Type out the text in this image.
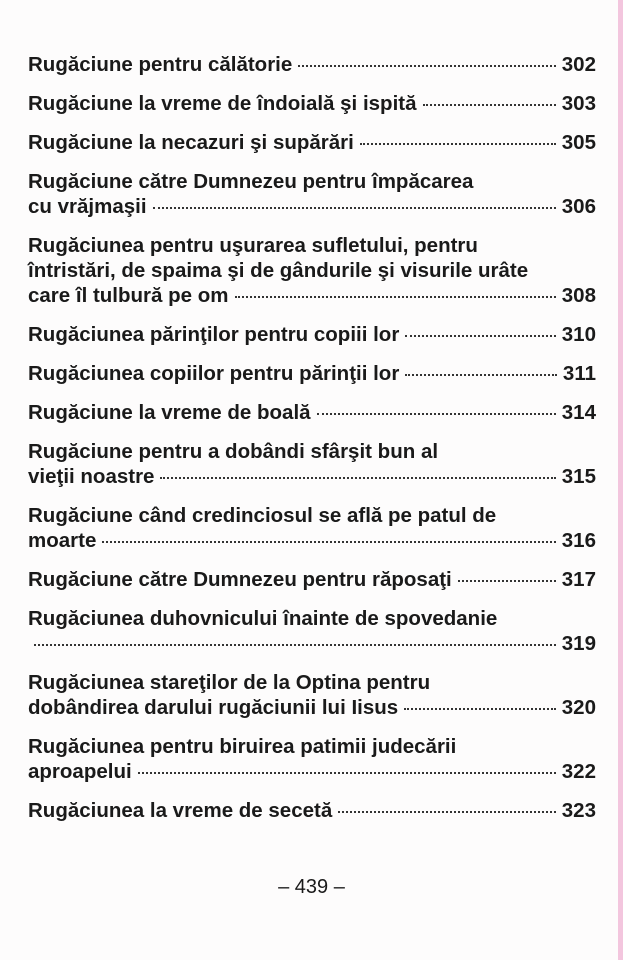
Rugăciune pentru călătorie	302
Rugăciune la vreme de îndoială şi ispită	303
Rugăciune la necazuri şi supărări	305
Rugăciune către Dumnezeu pentru împăcarea
cu vrăjmaşii	306
Rugăciunea pentru uşurarea sufletului, pentru
întristări, de spaima şi de gândurile şi visurile urâte
care îl tulbură pe om	308
Rugăciunea părinţilor pentru copiii lor	310
Rugăciunea copiilor pentru părinţii lor	311
Rugăciune la vreme de boală	314
Rugăciune pentru a dobândi sfârşit bun al
vieţii noastre	315
Rugăciune când credinciosul se află pe patul de
moarte	316
Rugăciune către Dumnezeu pentru răposaţi	317
Rugăciunea duhovnicului înainte de spovedanie
319
Rugăciunea stareţilor de la Optina pentru
dobândirea darului rugăciunii lui Iisus	320
Rugăciunea pentru biruirea patimii judecării
aproapelui	322
Rugăciunea la vreme de secetă	323
– 439 –
